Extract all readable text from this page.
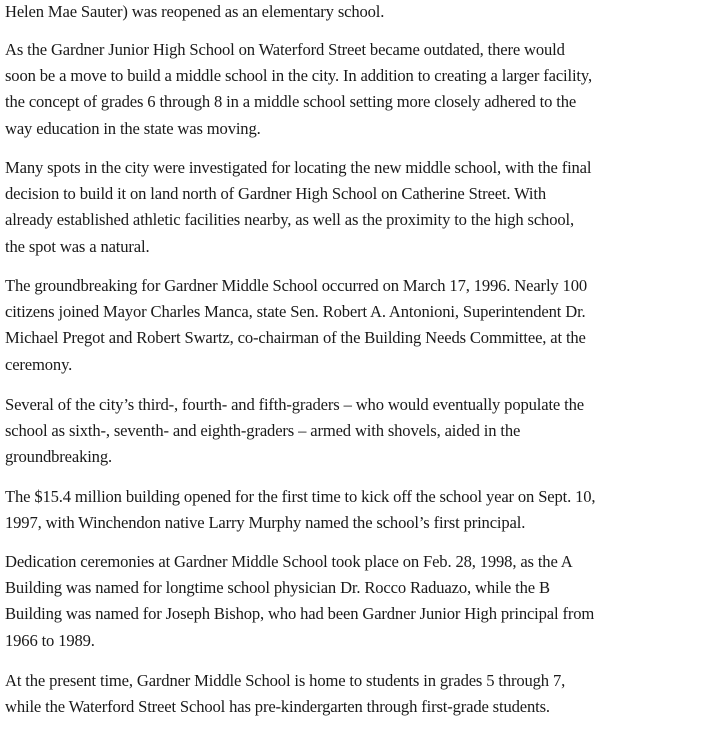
Helen Mae Sauter) was reopened as an elementary school.

As the Gardner Junior High School on Waterford Street became outdated, there would
soon be a move to build a middle school in the city. In addition to creating a larger facility,
the concept of grades 6 through 8 in a middle school setting more closely adhered to the
way education in the state was moving.

Many spots in the city were investigated for locating the new middle school, with the final
decision to build it on land north of Gardner High School on Catherine Street. With
already established athletic facilities nearby, as well as the proximity to the high school,
the spot was a natural.

The groundbreaking for Gardner Middle School occurred on March 17, 1996. Nearly 100
citizens joined Mayor Charles Manca, state Sen. Robert A. Antonioni, Superintendent Dr.
Michael Pregot and Robert Swartz, co-chairman of the Building Needs Committee, at the
ceremony.

Several of the city’s third-, fourth- and fifth-graders – who would eventually populate the
school as sixth-, seventh- and eighth-graders – armed with shovels, aided in the
groundbreaking.

The $15.4 million building opened for the first time to kick off the school year on Sept. 10,
1997, with Winchendon native Larry Murphy named the school’s first principal.

Dedication ceremonies at Gardner Middle School took place on Feb. 28, 1998, as the A
Building was named for longtime school physician Dr. Rocco Raduazo, while the B
Building was named for Joseph Bishop, who had been Gardner Junior High principal from
1966 to 1989.

At the present time, Gardner Middle School is home to students in grades 5 through 7,
while the Waterford Street School has pre-kindergarten through first-grade students.
